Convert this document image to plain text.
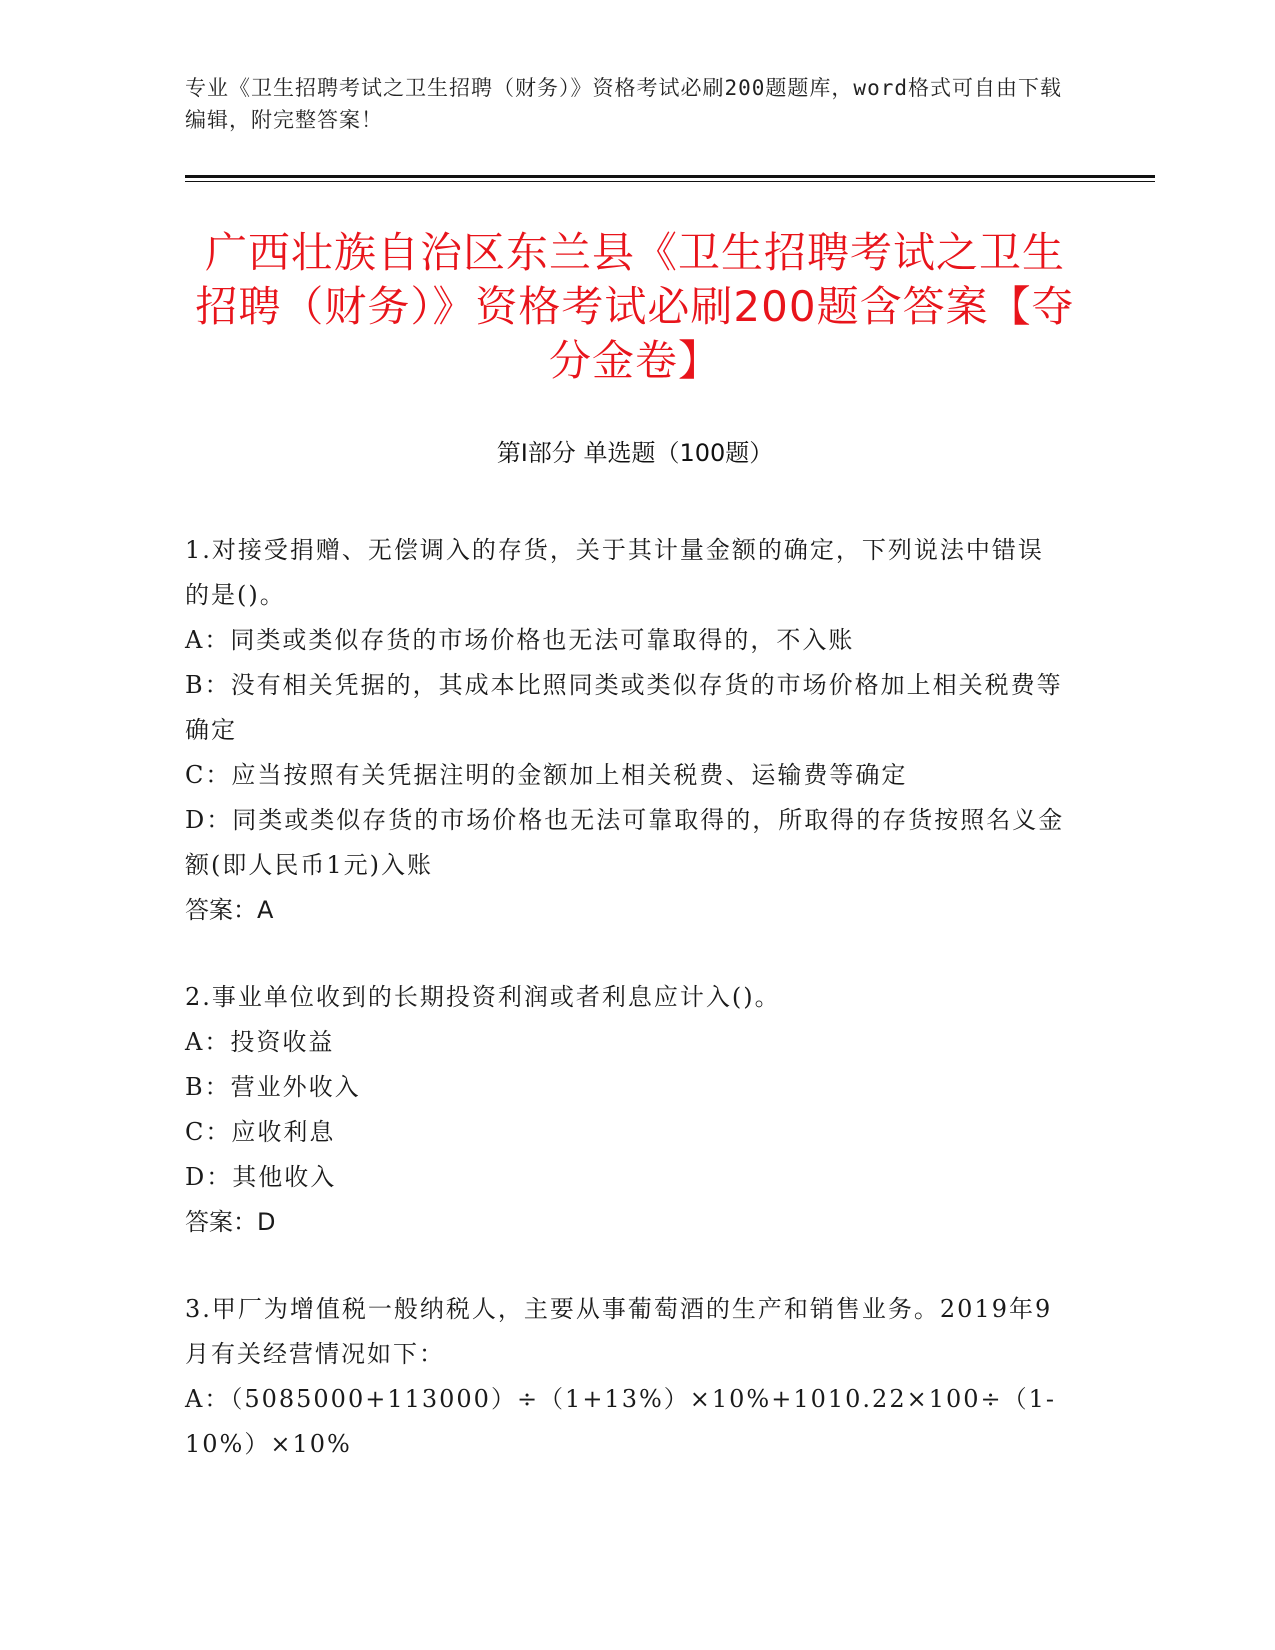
专业《卫生招聘考试之卫生招聘（财务）》资格考试必刷200题题库，word格式可自由下载编辑，附完整答案！
广西壮族自治区东兰县《卫生招聘考试之卫生招聘（财务）》资格考试必刷200题含答案【夺分金卷】
第Ⅰ部分 单选题（100题）
1.对接受捐赠、无偿调入的存货，关于其计量金额的确定，下列说法中错误的是()。
A：同类或类似存货的市场价格也无法可靠取得的，不入账
B：没有相关凭据的，其成本比照同类或类似存货的市场价格加上相关税费等确定
C：应当按照有关凭据注明的金额加上相关税费、运输费等确定
D：同类或类似存货的市场价格也无法可靠取得的，所取得的存货按照名义金额(即人民币1元)入账
答案：A
2.事业单位收到的长期投资利润或者利息应计入()。
A：投资收益
B：营业外收入
C：应收利息
D：其他收入
答案：D
3.甲厂为增值税一般纳税人，主要从事葡萄酒的生产和销售业务。2019年9月有关经营情况如下：
A：（5085000+113000）÷（1+13%）×10%+1010.22×100÷（1-10%）×10%
